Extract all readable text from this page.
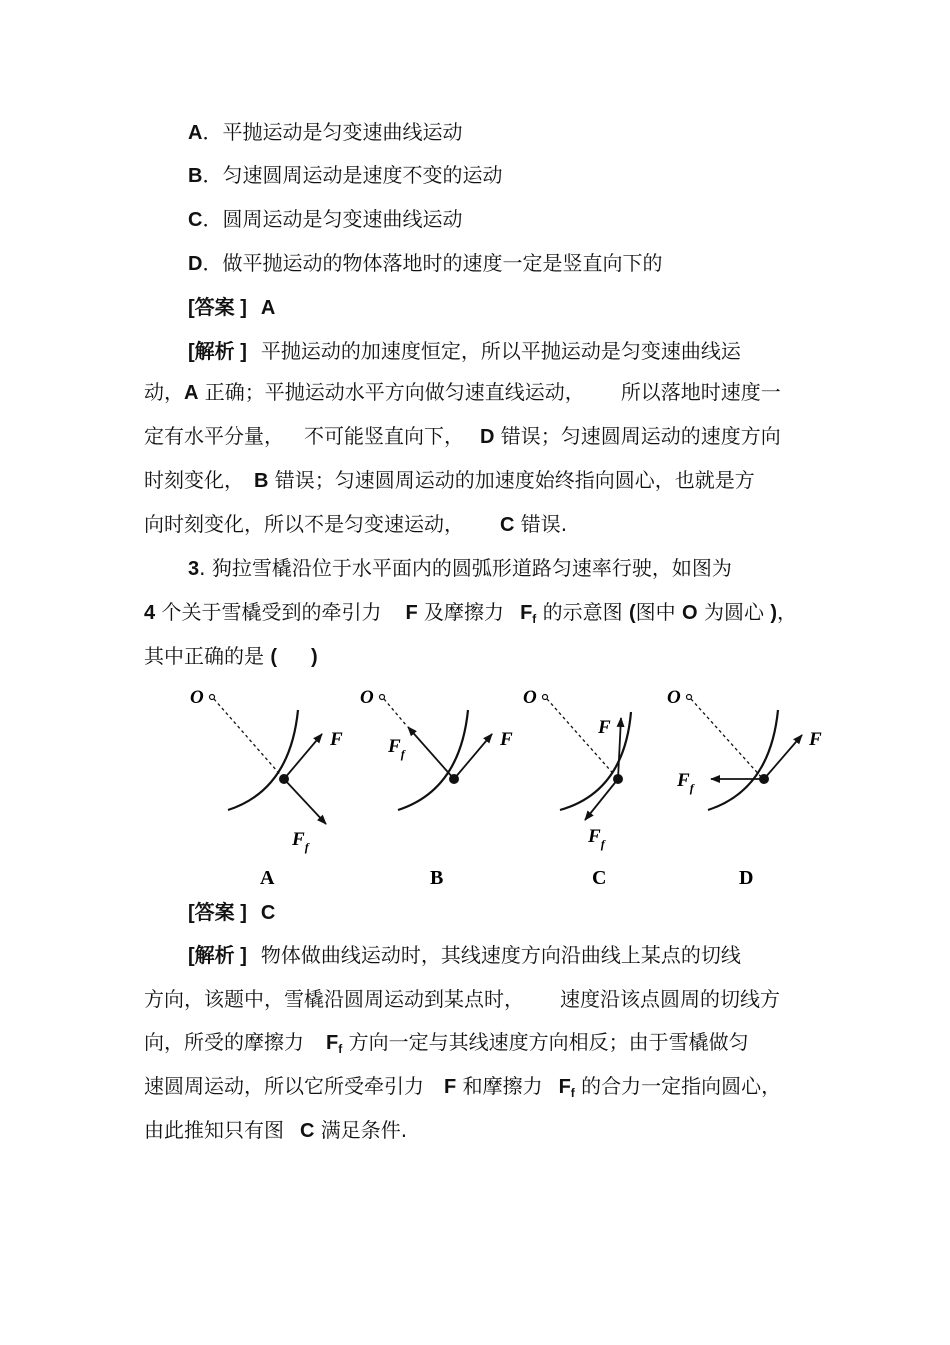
A．平抛运动是匀变速曲线运动
B．匀速圆周运动是速度不变的运动
C．圆周运动是匀变速曲线运动
D．做平抛运动的物体落地时的速度一定是竖直向下的
[答案 ] A
[解析 ] 平抛运动的加速度恒定，所以平抛运动是匀变速曲线运
动，A 正确；平抛运动水平方向做匀速直线运动， 所以落地时速度一
定有水平分量， 不可能竖直向下， D 错误；匀速圆周运动的速度方向
时刻变化， B 错误；匀速圆周运动的加速度始终指向圆心，也就是方
向时刻变化，所以不是匀变速运动， C 错误.
3. 狗拉雪橇沿位于水平面内的圆弧形道路匀速率行驶，如图为
4 个关于雪橇受到的牵引力 F 及摩擦力 $F_f$ 的示意图 (图中 O 为圆心 )，
其中正确的是 ( )
O
F
$F_f$
A
O
$F_f$
F
B
O
F
$F_f$
C
O
$F_f$
F
D
[答案 ] C
[解析 ] 物体做曲线运动时，其线速度方向沿曲线上某点的切线
方向，该题中，雪橇沿圆周运动到某点时， 速度沿该点圆周的切线方
向，所受的摩擦力 $F_f$ 方向一定与其线速度方向相反；由于雪橇做匀
速圆周运动，所以它所受牵引力 F 和摩擦力 $F_f$ 的合力一定指向圆心，
由此推知只有图 C 满足条件.
